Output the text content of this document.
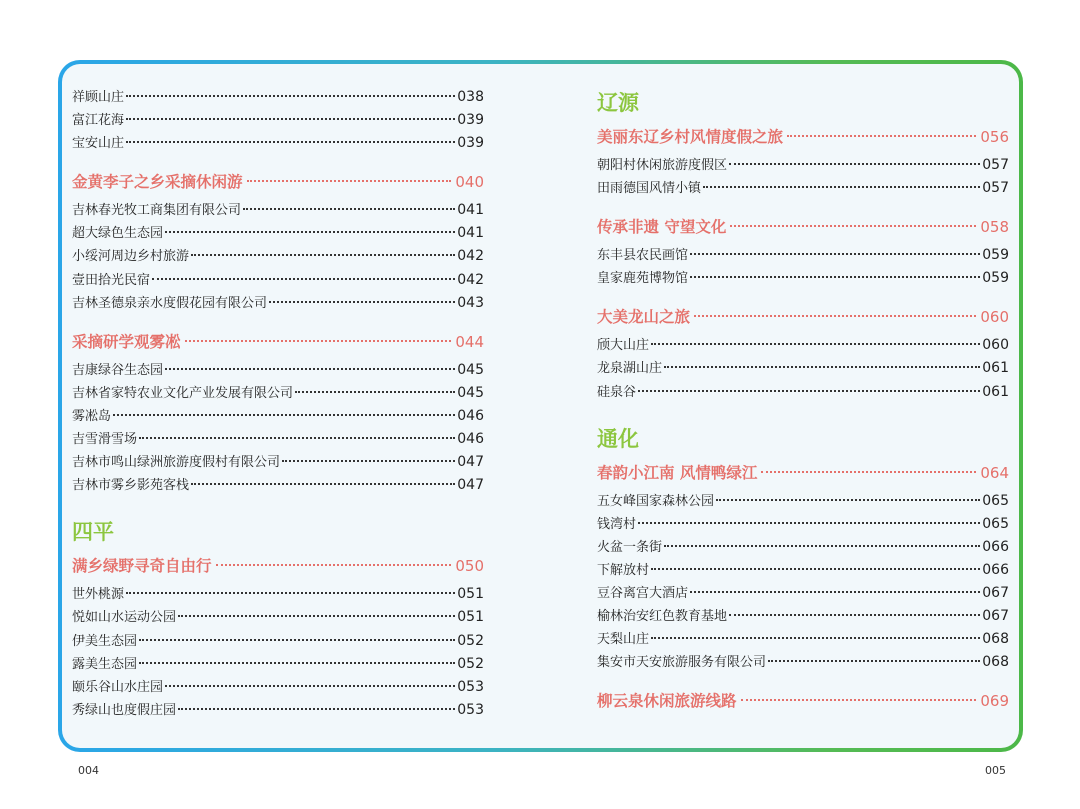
祥顾山庄	038
富江花海	039
宝安山庄	039
金黄李子之乡采摘休闲游	040
吉林春光牧工商集团有限公司	041
超大绿色生态园	041
小绥河周边乡村旅游	042
壹田拾光民宿	042
吉林圣德泉亲水度假花园有限公司	043
采摘研学观雾凇	044
吉康绿谷生态园	045
吉林省家特农业文化产业发展有限公司	045
雾凇岛	046
吉雪滑雪场	046
吉林市鸣山绿洲旅游度假村有限公司	047
吉林市雾乡影苑客栈	047
四平
满乡绿野寻奇自由行	050
世外桃源	051
悦如山水运动公园	051
伊美生态园	052
露美生态园	052
颐乐谷山水庄园	053
秀绿山也度假庄园	053
辽源
美丽东辽乡村风情度假之旅	056
朝阳村休闲旅游度假区	057
田雨德国风情小镇	057
传承非遗 守望文化	058
东丰县农民画馆	059
皇家鹿苑博物馆	059
大美龙山之旅	060
颀大山庄	060
龙泉湖山庄	061
硅泉谷	061
通化
春韵小江南 风情鸭绿江	064
五女峰国家森林公园	065
钱湾村	065
火盆一条街	066
下解放村	066
豆谷离宫大酒店	067
榆林治安红色教育基地	067
天梨山庄	068
集安市天安旅游服务有限公司	068
柳云泉休闲旅游线路	069
004	005
